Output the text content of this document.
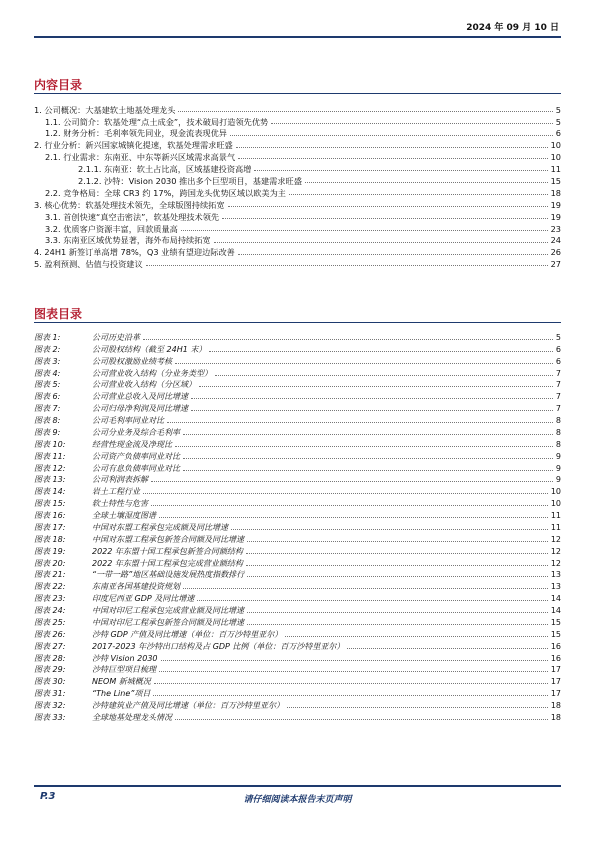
2024 年 09 月 10 日
内容目录
1. 公司概况：大基建软土地基处理龙头	5
1.1. 公司简介：软基处理“点土成金”，技术破局打造领先优势	5
1.2. 财务分析：毛利率领先同业，现金流表现优异	6
2. 行业分析：新兴国家城镇化提速，软基处理需求旺盛	10
2.1. 行业需求：东南亚、中东等新兴区域需求高景气	10
2.1.1. 东南亚：软土占比高，区域基建投资高增	11
2.1.2. 沙特：Vision 2030 推出多个巨型项目，基建需求旺盛	15
2.2. 竞争格局：全球 CR3 约 17%，跨国龙头优势区域以欧美为主	18
3. 核心优势：软基处理技术领先，全球版图持续拓宽	19
3.1. 首创快速“真空击密法”，软基处理技术领先	19
3.2. 优质客户资源丰富，回款质量高	23
3.3. 东南亚区域优势显著，海外布局持续拓宽	24
4. 24H1 新签订单高增 78%，Q3 业绩有望迎边际改善	26
5. 盈利预测、估值与投资建议	27
图表目录
图表 1:	公司历史沿革	5
图表 2:	公司股权结构（截至 24H1 末）	6
图表 3:	公司股权激励业绩考核	6
图表 4:	公司营业收入结构（分业务类型）	7
图表 5:	公司营业收入结构（分区域）	7
图表 6:	公司营业总收入及同比增速	7
图表 7:	公司归母净利润及同比增速	7
图表 8:	公司毛利率同业对比	8
图表 9:	公司分业务及综合毛利率	8
图表 10:	经营性现金流及净现比	8
图表 11:	公司资产负债率同业对比	9
图表 12:	公司有息负债率同业对比	9
图表 13:	公司利润表拆解	9
图表 14:	岩土工程行业	10
图表 15:	软土特性与危害	10
图表 16:	全球土壤湿度图谱	11
图表 17:	中国对东盟工程承包完成额及同比增速	11
图表 18:	中国对东盟工程承包新签合同额及同比增速	12
图表 19:	2022 年东盟十国工程承包新签合同额结构	12
图表 20:	2022 年东盟十国工程承包完成营业额结构	12
图表 21:	“一带一路”地区基础设施发展热度指数排行	13
图表 22:	东南亚各国基建投资规划	13
图表 23:	印度尼西亚 GDP 及同比增速	14
图表 24:	中国对印尼工程承包完成营业额及同比增速	14
图表 25:	中国对印尼工程承包新签合同额及同比增速	15
图表 26:	沙特 GDP 产值及同比增速（单位：百万沙特里亚尔）	15
图表 27:	2017-2023 年沙特出口结构及占 GDP 比例（单位：百万沙特里亚尔）	16
图表 28:	沙特 Vision 2030	16
图表 29:	沙特巨型项目梳理	17
图表 30:	NEOM 新城概况	17
图表 31:	“The Line”项目	17
图表 32:	沙特建筑业产值及同比增速（单位：百万沙特里亚尔）	18
图表 33:	全球地基处理龙头情况	18
P.3	请仔细阅读本报告末页声明
